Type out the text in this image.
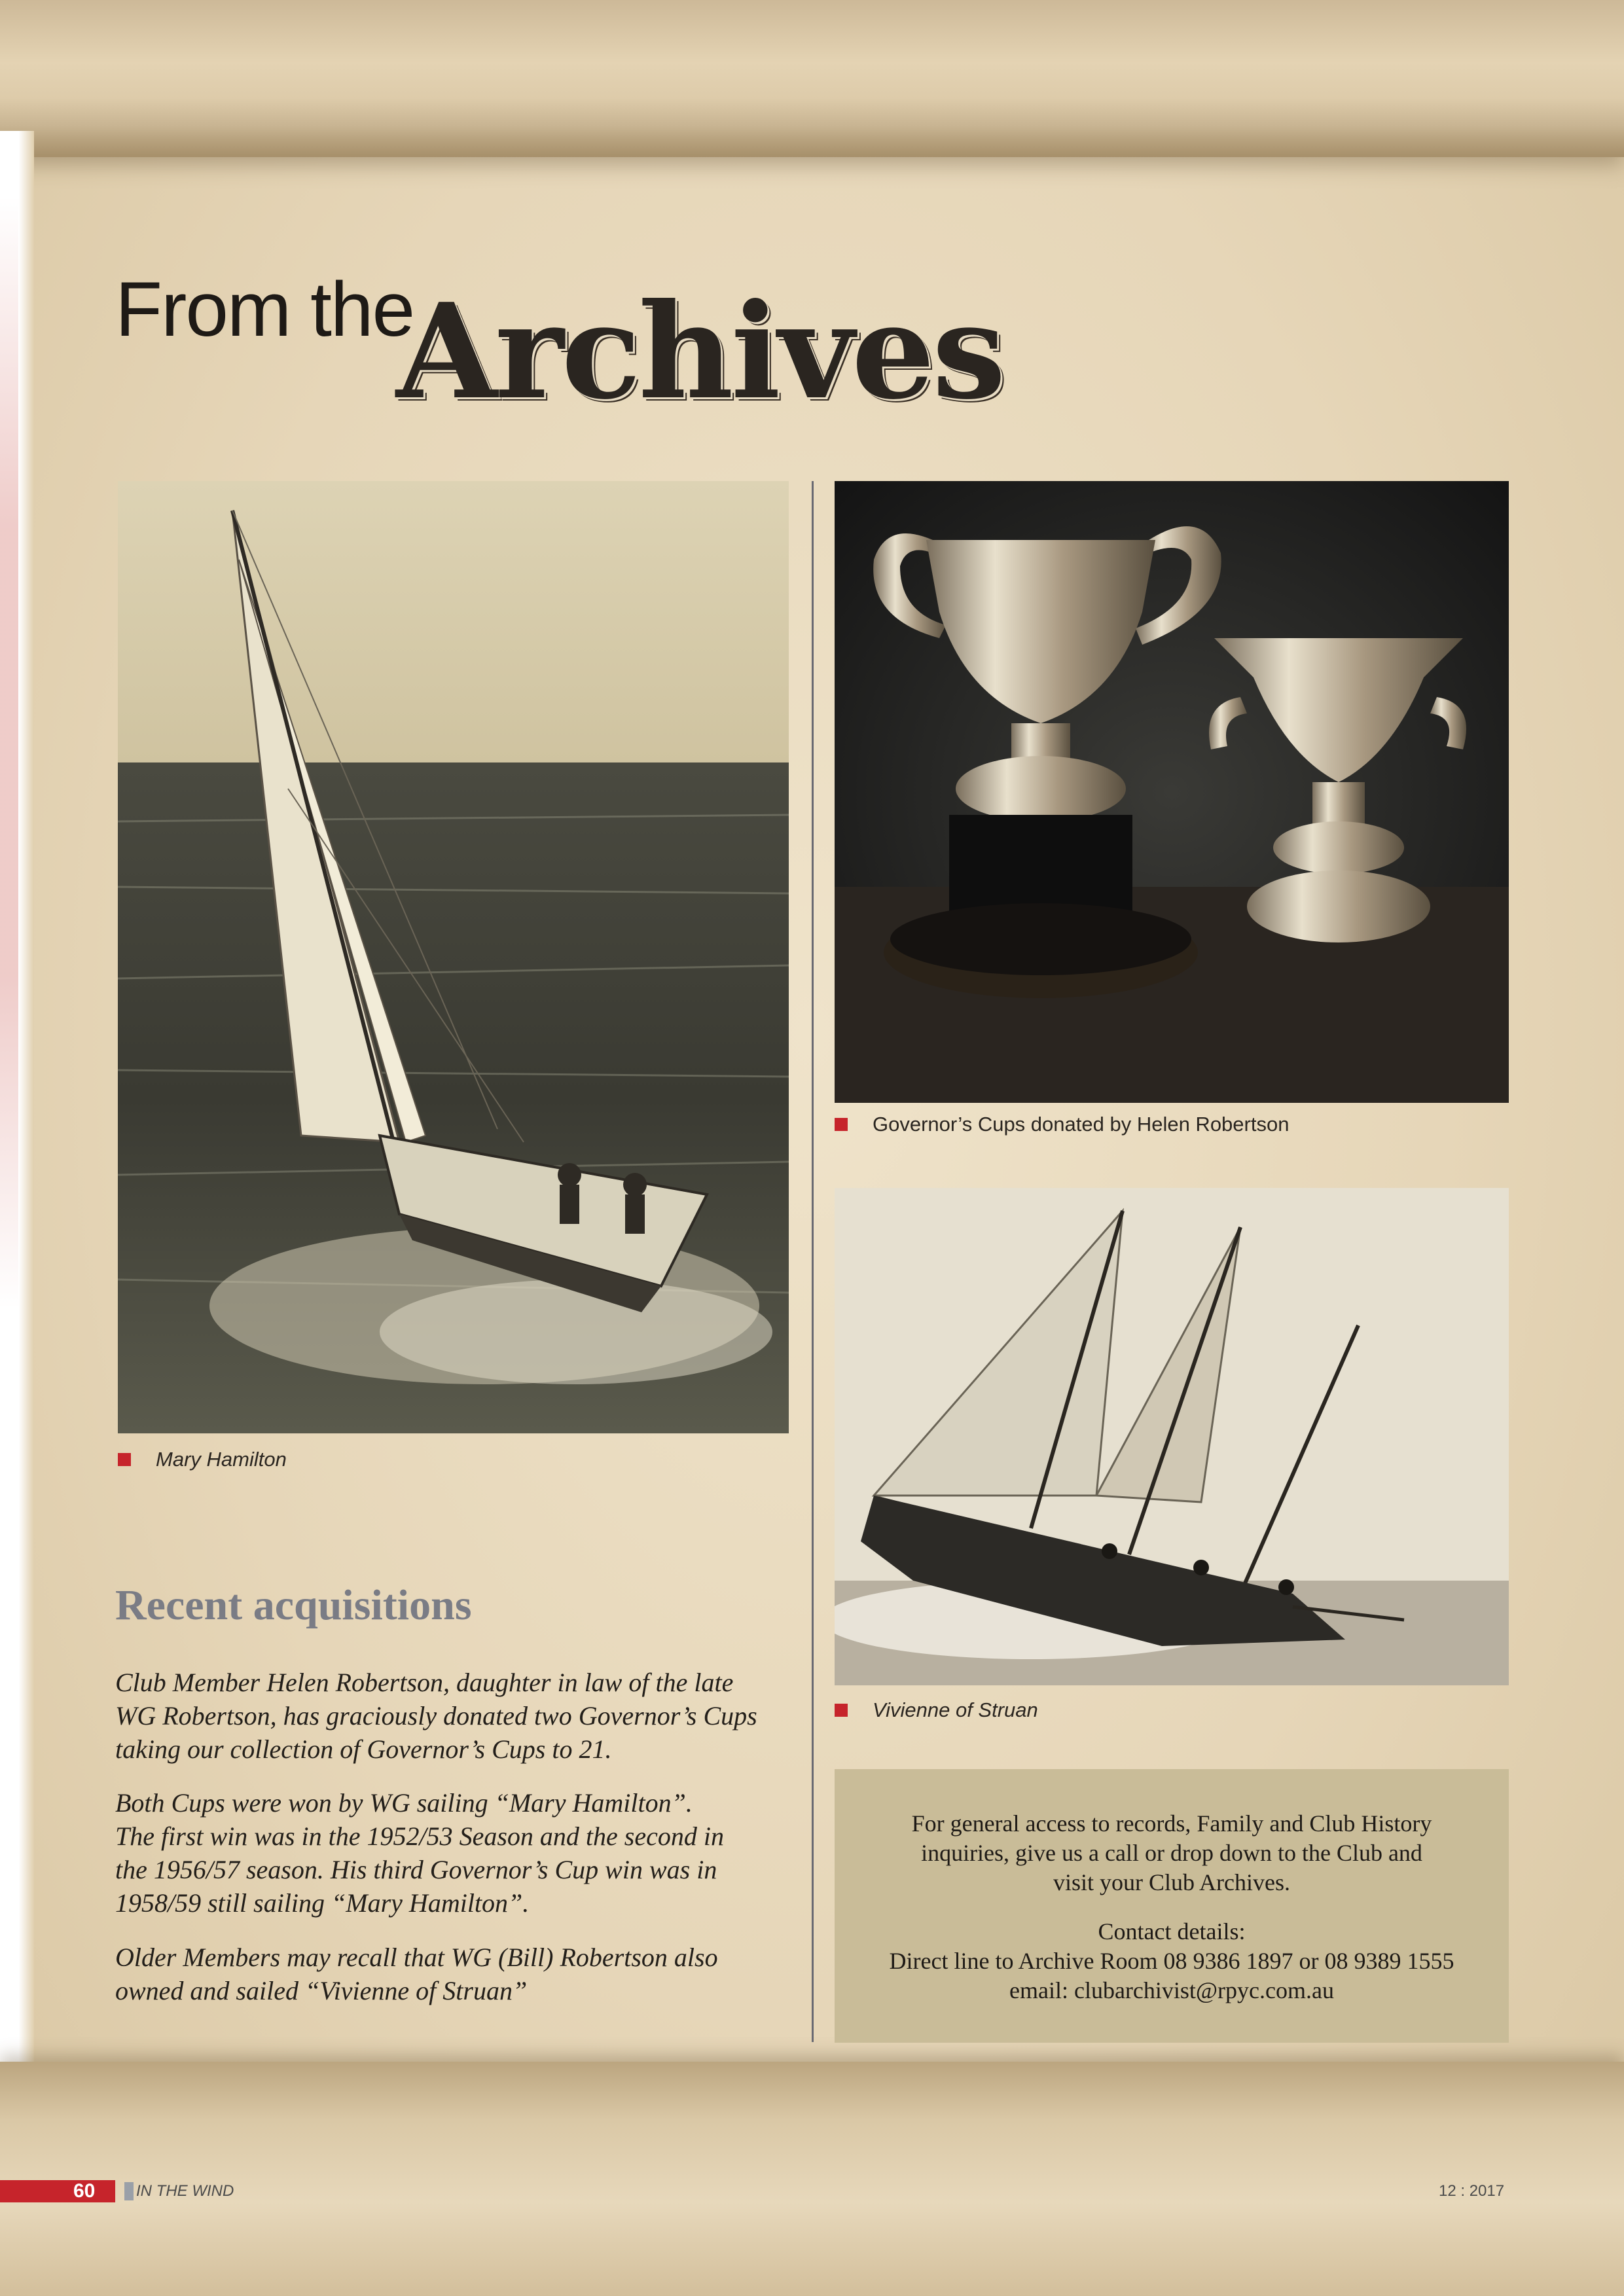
From the
Archives
Governor’s Cups donated by Helen Robertson
Vivienne of Struan
Mary Hamilton
Recent acquisitions

Club Member Helen Robertson, daughter in law of the late
WG Robertson, has graciously donated two Governor’s Cups
taking our collection of Governor’s Cups to 21.

Both Cups were won by WG sailing “Mary Hamilton”.
The first win was in the 1952/53 Season and the second in
the 1956/57 season. His third Governor’s Cup win was in
1958/59 still sailing “Mary Hamilton”.

Older Members may recall that WG (Bill) Robertson also
owned and sailed “Vivienne of Struan”

For general access to records, Family and Club History
inquiries, give us a call or drop down to the Club and
visit your Club Archives.
Contact details:
Direct line to Archive Room 08 9386 1897 or 08 9389 1555
email: clubarchivist@rpyc.com.au
60	IN THE WIND	12 : 2017
